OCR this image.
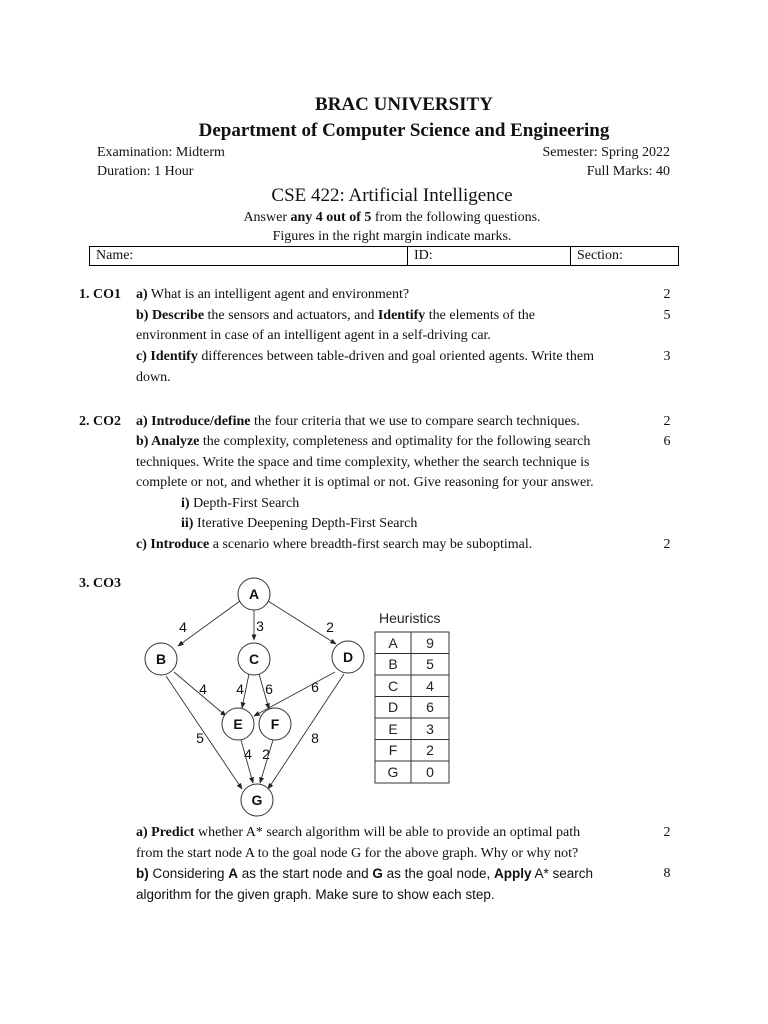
BRAC UNIVERSITY
Department of Computer Science and Engineering
Examination: Midterm	Semester: Spring 2022
Duration: 1 Hour	Full Marks: 40
CSE 422: Artificial Intelligence
Answer any 4 out of 5 from the following questions.
Figures in the right margin indicate marks.
Name:	ID:	Section:
1. CO1 a) What is an intelligent agent and environment?	2
b) Describe the sensors and actuators, and Identify the elements of the	5
environment in case of an intelligent agent in a self-driving car.
c) Identify differences between table-driven and goal oriented agents. Write them	3
down.
2. CO2 a) Introduce/define the four criteria that we use to compare search techniques.	2
b) Analyze the complexity, completeness and optimality for the following search	6
techniques. Write the space and time complexity, whether the search technique is
complete or not, and whether it is optimal or not. Give reasoning for your answer.
i) Depth-First Search
ii) Iterative Deepening Depth-First Search
c) Introduce a scenario where breadth-first search may be suboptimal.	2
3. CO3
A
B	C	D
E F
G
4	3	2
4 4 6	6
5	8
4 2
Heuristics
A 9
B 5
C 4
D 6
E 3
F 2
G 0
a) Predict whether A* search algorithm will be able to provide an optimal path	2
from the start node A to the goal node G for the above graph. Why or why not?
b) Considering A as the start node and G as the goal node, Apply A* search	8
algorithm for the given graph. Make sure to show each step.
